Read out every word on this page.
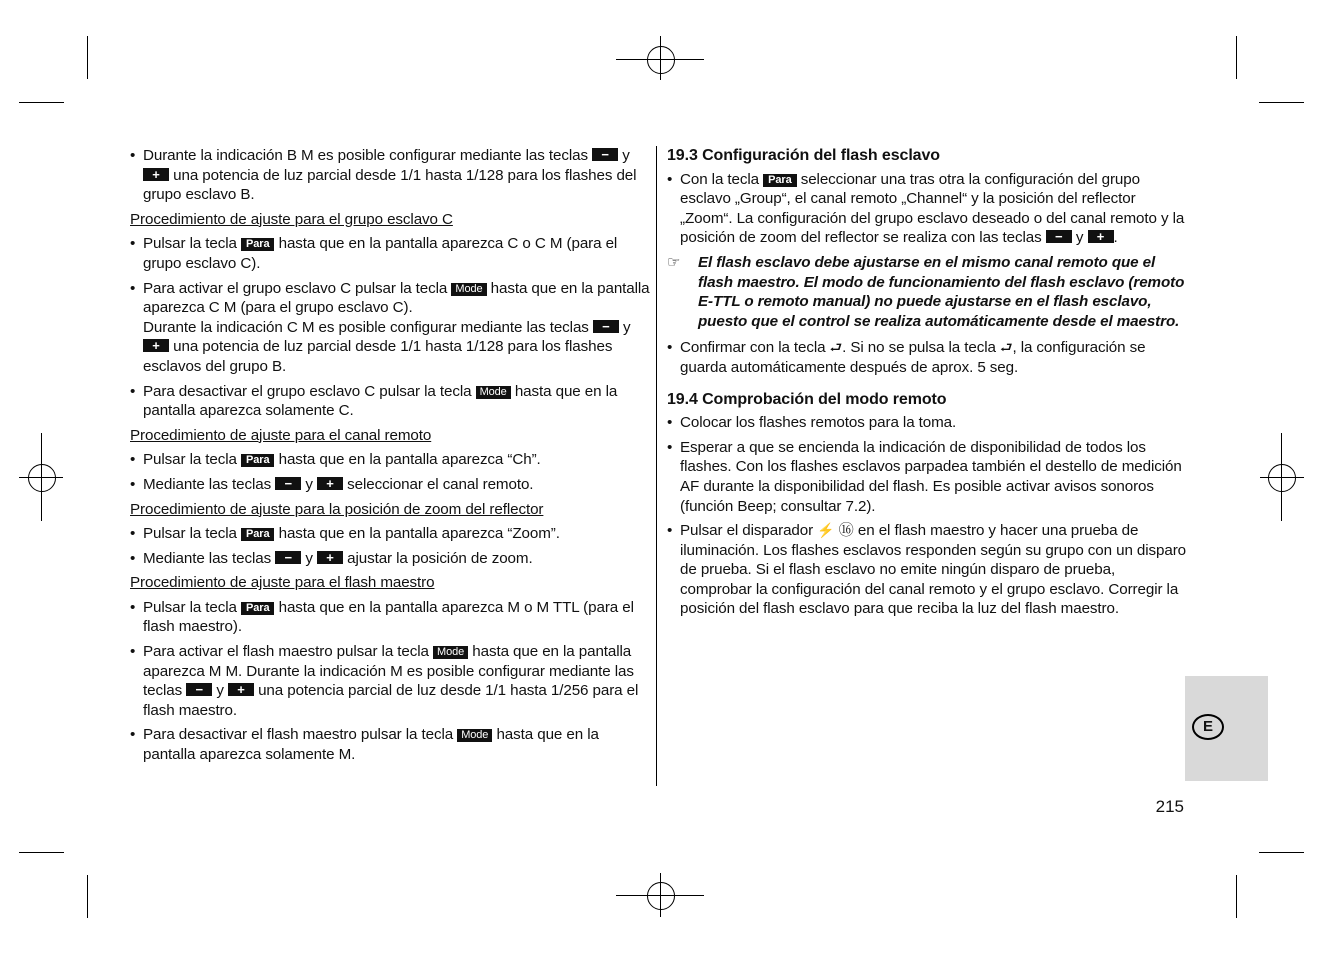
• Durante la indicación B M es posible configurar mediante las teclas − y + una potencia de luz parcial desde 1/1 hasta 1/128 para los flashes del grupo esclavo B.
Procedimiento de ajuste para el grupo esclavo C
• Pulsar la tecla Para hasta que en la pantalla aparezca C o C M (para el grupo esclavo C).
• Para activar el grupo esclavo C pulsar la tecla Mode hasta que en la pantalla aparezca C M (para el grupo esclavo C).
Durante la indicación C M es posible configurar mediante las teclas − y + una potencia de luz parcial desde 1/1 hasta 1/128 para los flashes esclavos del grupo B.
• Para desactivar el grupo esclavo C pulsar la tecla Mode hasta que en la pantalla aparezca solamente C.
Procedimiento de ajuste para el canal remoto
• Pulsar la tecla Para hasta que en la pantalla aparezca “Ch”.
• Mediante las teclas − y + seleccionar el canal remoto.
Procedimiento de ajuste para la posición de zoom del reflector
• Pulsar la tecla Para hasta que en la pantalla aparezca “Zoom”.
• Mediante las teclas − y + ajustar la posición de zoom.
Procedimiento de ajuste para el flash maestro
• Pulsar la tecla Para hasta que en la pantalla aparezca M o M TTL (para el flash maestro).
• Para activar el flash maestro pulsar la tecla Mode hasta que en la pantalla aparezca M M. Durante la indicación M es posible configurar mediante las teclas − y + una potencia parcial de luz desde 1/1 hasta 1/256 para el flash maestro.
• Para desactivar el flash maestro pulsar la tecla Mode hasta que en la pantalla aparezca solamente M.
19.3 Configuración del flash esclavo
• Con la tecla Para seleccionar una tras otra la configuración del grupo esclavo „Group“, el canal remoto „Channel“ y la posición del reflector „Zoom“. La configuración del grupo esclavo deseado o del canal remoto y la posición de zoom del reflector se realiza con las teclas − y + .
☞ El flash esclavo debe ajustarse en el mismo canal remoto que el flash maestro. El modo de funcionamiento del flash esclavo (remoto E-TTL o remoto manual) no puede ajustarse en el flash esclavo, puesto que el control se realiza automáticamente desde el maestro.
• Confirmar con la tecla ⮐. Si no se pulsa la tecla ⮐, la configuración se guarda automáticamente después de aprox. 5 seg.
19.4 Comprobación del modo remoto
• Colocar los flashes remotos para la toma.
• Esperar a que se encienda la indicación de disponibilidad de todos los flashes. Con los flashes esclavos parpadea también el destello de medición AF durante la disponibilidad del flash. Es posible activar avisos sonoros (función Beep; consultar 7.2).
• Pulsar el disparador ⚡ ⑯ en el flash maestro y hacer una prueba de iluminación. Los flashes esclavos responden según su grupo con un disparo de prueba. Si el flash esclavo no emite ningún disparo de prueba, comprobar la configuración del canal remoto y el grupo esclavo. Corregir la posición del flash esclavo para que reciba la luz del flash maestro.
E
215
